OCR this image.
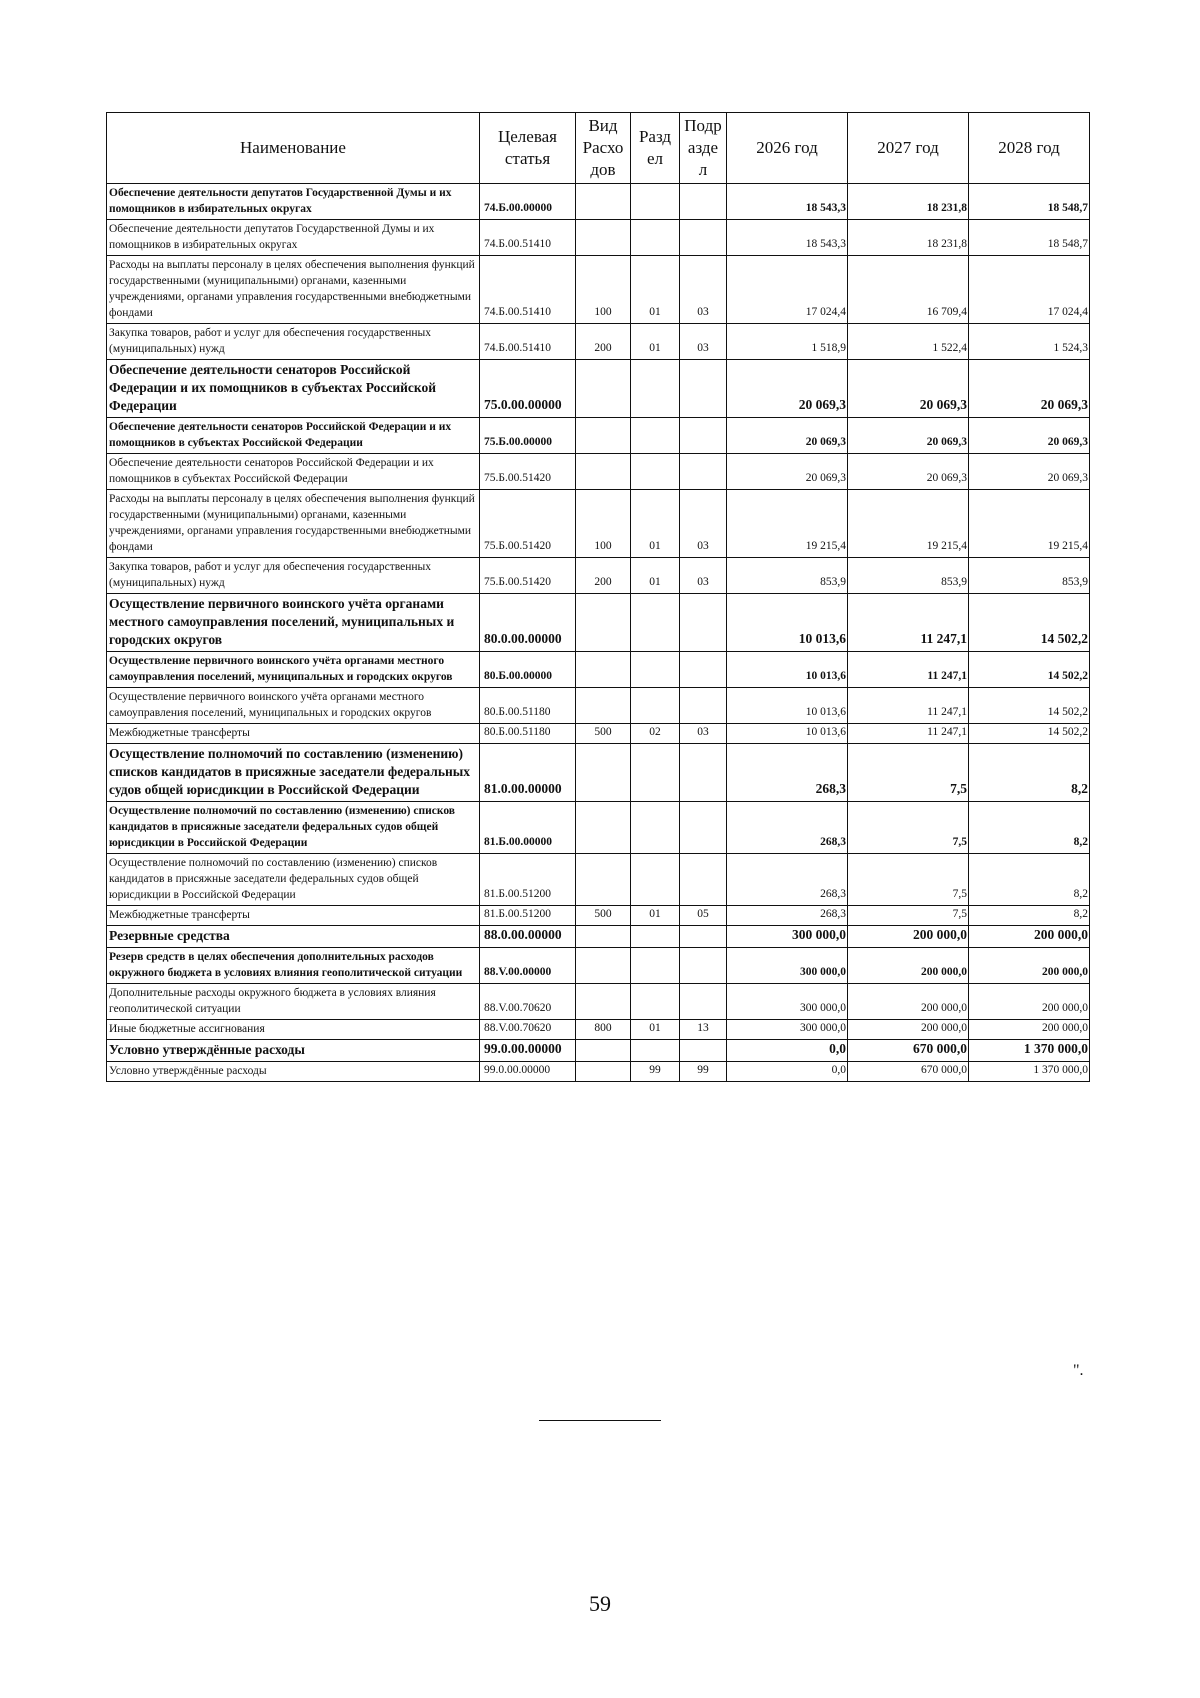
Наименование	Целевая статья	Вид Расхо дов	Разд ел	Подр азде л	2026 год	2027 год	2028 год
Обеспечение деятельности депутатов Государственной Думы и их помощников в избирательных округах	74.Б.00.00000				18 543,3	18 231,8	18 548,7
Обеспечение деятельности депутатов Государственной Думы и их помощников в избирательных округах	74.Б.00.51410				18 543,3	18 231,8	18 548,7
Расходы на выплаты персоналу в целях обеспечения выполнения функций государственными (муниципальными) органами, казенными учреждениями, органами управления государственными внебюджетными фондами	74.Б.00.51410	100	01	03	17 024,4	16 709,4	17 024,4
Закупка товаров, работ и услуг для обеспечения государственных (муниципальных) нужд	74.Б.00.51410	200	01	03	1 518,9	1 522,4	1 524,3
Обеспечение деятельности сенаторов Российской Федерации и их помощников в субъектах Российской Федерации	75.0.00.00000				20 069,3	20 069,3	20 069,3
Обеспечение деятельности сенаторов Российской Федерации и их помощников в субъектах Российской Федерации	75.Б.00.00000				20 069,3	20 069,3	20 069,3
Обеспечение деятельности сенаторов Российской Федерации и их помощников в субъектах Российской Федерации	75.Б.00.51420				20 069,3	20 069,3	20 069,3
Расходы на выплаты персоналу в целях обеспечения выполнения функций государственными (муниципальными) органами, казенными учреждениями, органами управления государственными внебюджетными фондами	75.Б.00.51420	100	01	03	19 215,4	19 215,4	19 215,4
Закупка товаров, работ и услуг для обеспечения государственных (муниципальных) нужд	75.Б.00.51420	200	01	03	853,9	853,9	853,9
Осуществление первичного воинского учёта органами местного самоуправления поселений, муниципальных и городских округов	80.0.00.00000				10 013,6	11 247,1	14 502,2
Осуществление первичного воинского учёта органами местного самоуправления поселений, муниципальных и городских округов	80.Б.00.00000				10 013,6	11 247,1	14 502,2
Осуществление первичного воинского учёта органами местного самоуправления поселений, муниципальных и городских округов	80.Б.00.51180				10 013,6	11 247,1	14 502,2
Межбюджетные трансферты	80.Б.00.51180	500	02	03	10 013,6	11 247,1	14 502,2
Осуществление полномочий по составлению (изменению) списков кандидатов в присяжные заседатели федеральных судов общей юрисдикции в Российской Федерации	81.0.00.00000				268,3	7,5	8,2
Осуществление полномочий по составлению (изменению) списков кандидатов в присяжные заседатели федеральных судов общей юрисдикции в Российской Федерации	81.Б.00.00000				268,3	7,5	8,2
Осуществление полномочий по составлению (изменению) списков кандидатов в присяжные заседатели федеральных судов общей юрисдикции в Российской Федерации	81.Б.00.51200				268,3	7,5	8,2
Межбюджетные трансферты	81.Б.00.51200	500	01	05	268,3	7,5	8,2
Резервные средства	88.0.00.00000				300 000,0	200 000,0	200 000,0
Резерв средств в целях обеспечения дополнительных расходов окружного бюджета в условиях влияния геополитической ситуации	88.V.00.00000				300 000,0	200 000,0	200 000,0
Дополнительные расходы окружного бюджета в условиях влияния геополитической ситуации	88.V.00.70620				300 000,0	200 000,0	200 000,0
Иные бюджетные ассигнования	88.V.00.70620	800	01	13	300 000,0	200 000,0	200 000,0
Условно утверждённые расходы	99.0.00.00000				0,0	670 000,0	1 370 000,0
Условно утверждённые расходы	99.0.00.00000		99	99	0,0	670 000,0	1 370 000,0
".
59
